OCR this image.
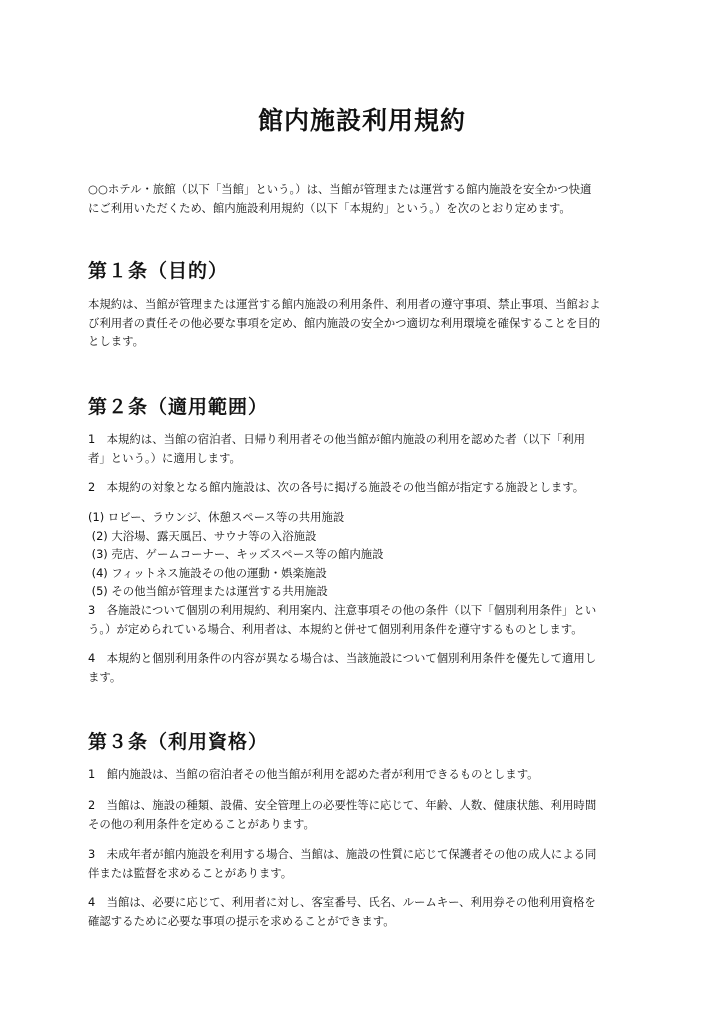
館内施設利用規約
○○ホテル・旅館（以下「当館」という。）は、当館が管理または運営する館内施設を安全かつ快適
にご利用いただくため、館内施設利用規約（以下「本規約」という。）を次のとおり定めます。
第１条（目的）
本規約は、当館が管理または運営する館内施設の利用条件、利用者の遵守事項、禁止事項、当館およ
び利用者の責任その他必要な事項を定め、館内施設の安全かつ適切な利用環境を確保することを目的
とします。
第２条（適用範囲）
1　本規約は、当館の宿泊者、日帰り利用者その他当館が館内施設の利用を認めた者（以下「利用
者」という。）に適用します。
2　本規約の対象となる館内施設は、次の各号に掲げる施設その他当館が指定する施設とします。
(1) ロビー、ラウンジ、休憩スペース等の共用施設
(2) 大浴場、露天風呂、サウナ等の入浴施設
(3) 売店、ゲームコーナー、キッズスペース等の館内施設
(4) フィットネス施設その他の運動・娯楽施設
(5) その他当館が管理または運営する共用施設
3　各施設について個別の利用規約、利用案内、注意事項その他の条件（以下「個別利用条件」とい
う。）が定められている場合、利用者は、本規約と併せて個別利用条件を遵守するものとします。
4　本規約と個別利用条件の内容が異なる場合は、当該施設について個別利用条件を優先して適用し
ます。
第３条（利用資格）
1　館内施設は、当館の宿泊者その他当館が利用を認めた者が利用できるものとします。
2　当館は、施設の種類、設備、安全管理上の必要性等に応じて、年齢、人数、健康状態、利用時間
その他の利用条件を定めることがあります。
3　未成年者が館内施設を利用する場合、当館は、施設の性質に応じて保護者その他の成人による同
伴または監督を求めることがあります。
4　当館は、必要に応じて、利用者に対し、客室番号、氏名、ルームキー、利用券その他利用資格を
確認するために必要な事項の提示を求めることができます。
